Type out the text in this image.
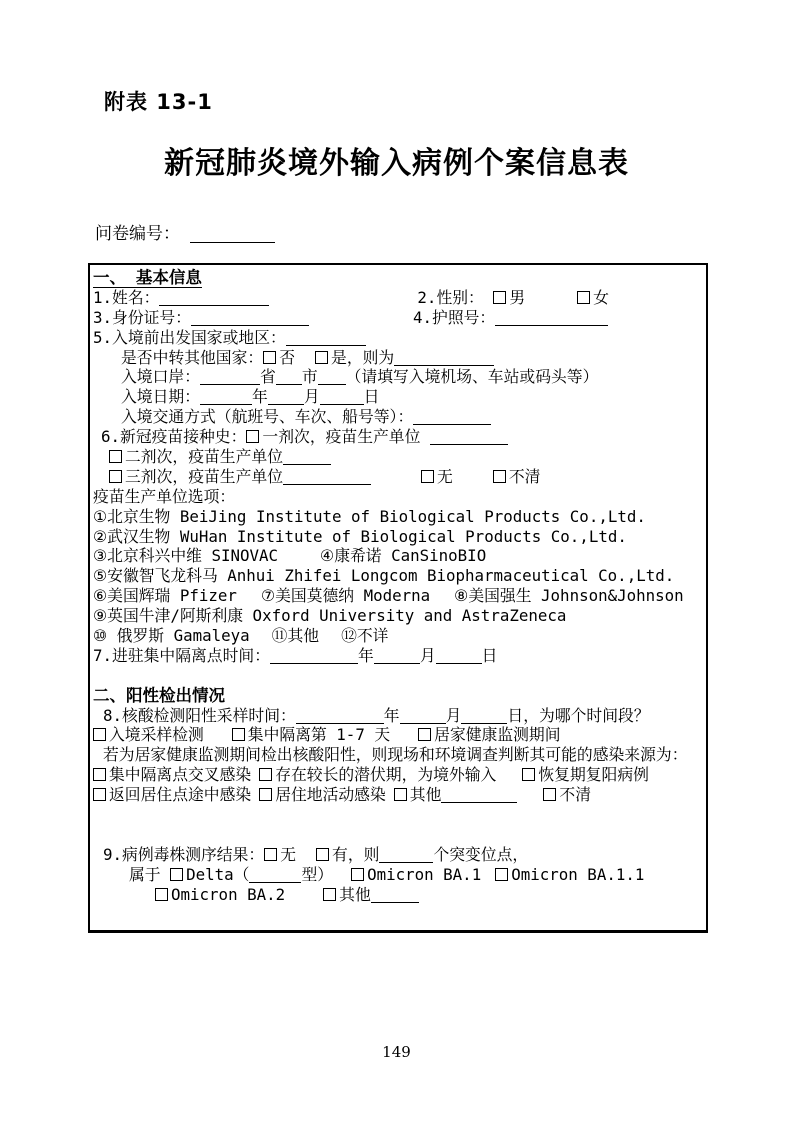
附表 13-1
新冠肺炎境外输入病例个案信息表
问卷编号：
一、 基本信息
1.姓名：	2.性别： 男	女
3.身份证号：	4.护照号：
5.入境前出发国家或地区：
是否中转其他国家： 否 是，则为
入境口岸：	省 市 （请填写入境机场、车站或码头等）
入境日期：	年 月	日
入境交通方式（航班号、车次、船号等）：
6.新冠疫苗接种史： 一剂次，疫苗生产单位
二剂次，疫苗生产单位
三剂次，疫苗生产单位	无	不清
疫苗生产单位选项：
①北京生物 BeiJing Institute of Biological Products Co.,Ltd.
②武汉生物 WuHan Institute of Biological Products Co.,Ltd.
③北京科兴中维 SINOVAC	④康希诺 CanSinoBIO
⑤安徽智飞龙科马 Anhui Zhifei Longcom Biopharmaceutical Co.,Ltd.
⑥美国辉瑞 Pfizer ⑦美国莫德纳 Moderna ⑧美国强生 Johnson&Johnson
⑨英国牛津/阿斯利康 Oxford University and AstraZeneca
⑩ 俄罗斯 Gamaleya ⑪其他 ⑫不详
7.进驻集中隔离点时间：	年	月	日
二、阳性检出情况
8.核酸检测阳性采样时间：	年	月	日，为哪个时间段？
入境采样检测	集中隔离第 1-7 天	居家健康监测期间
若为居家健康监测期间检出核酸阳性，则现场和环境调查判断其可能的感染来源为：
集中隔离点交叉感染 存在较长的潜伏期，为境外输入	恢复期复阳病例
返回居住点途中感染 居住地活动感染 其他	不清
9.病例毒株测序结果： 无 有，则	个突变位点，
属于 Delta（	型） Omicron BA.1 Omicron BA.1.1
Omicron BA.2	其他
149
